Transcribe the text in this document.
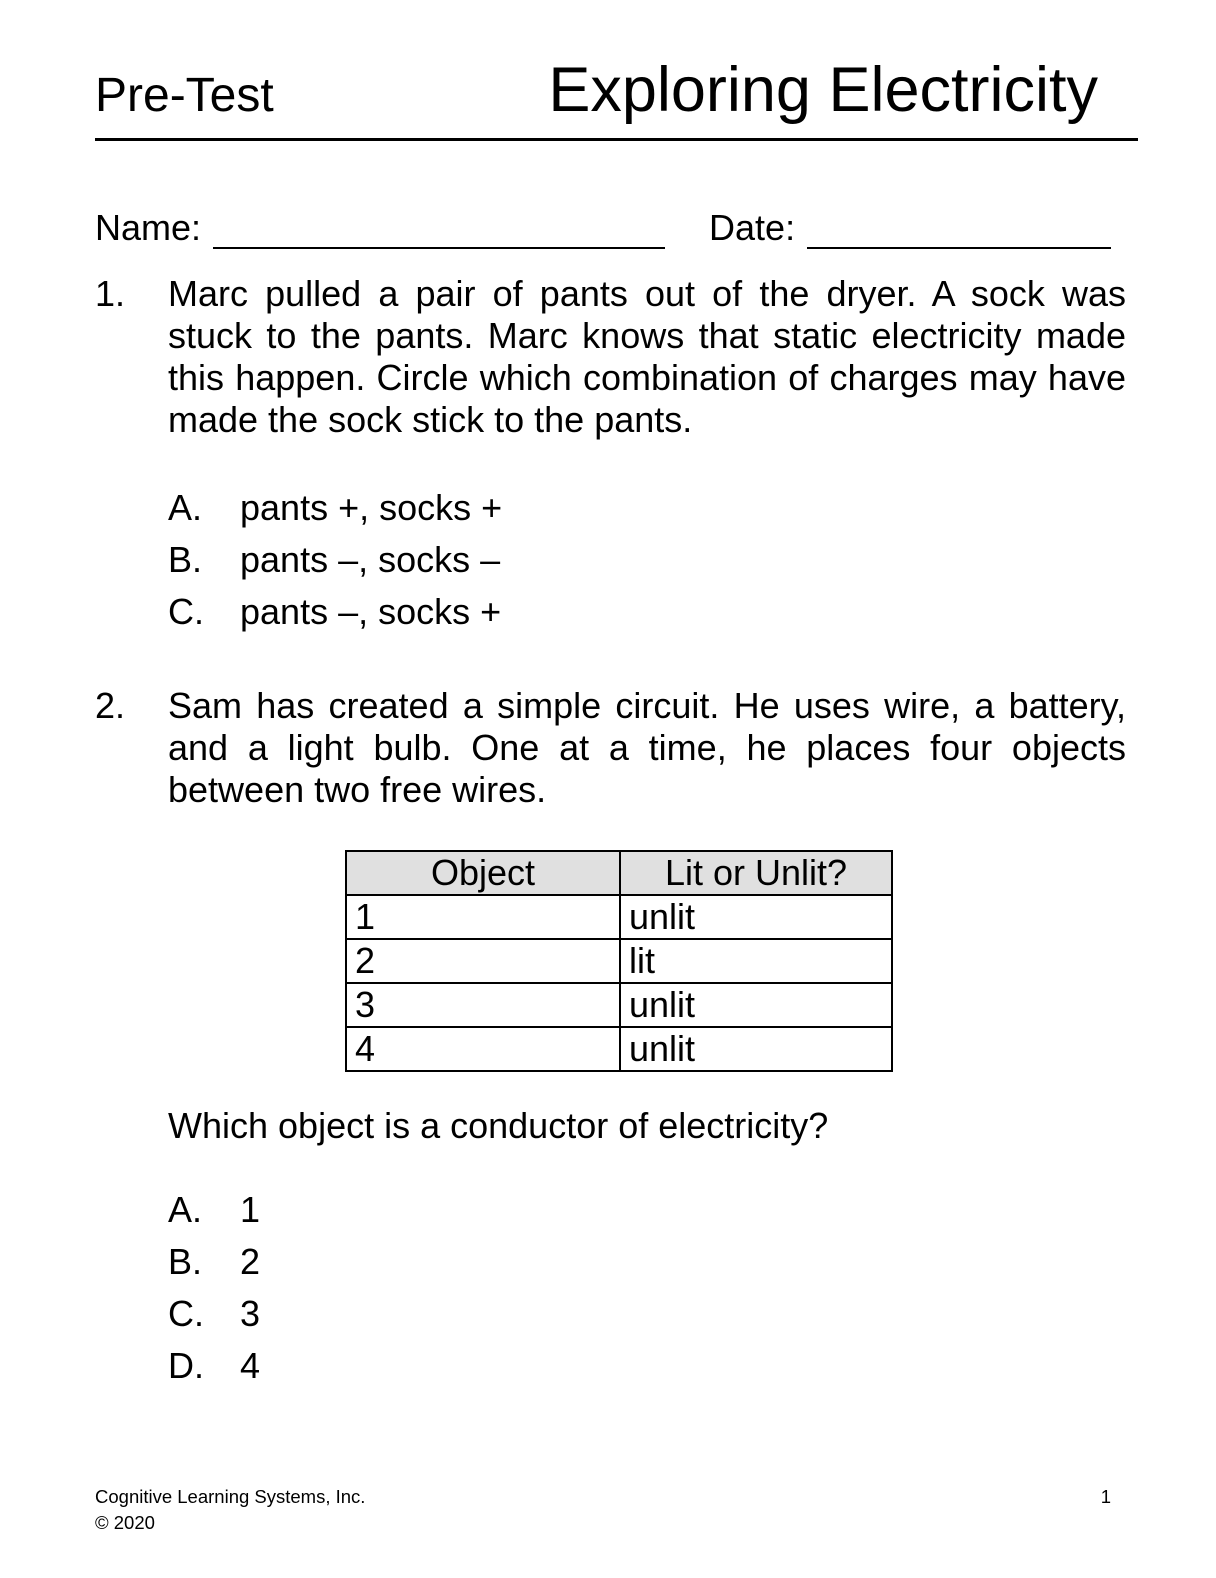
Pre-Test	Exploring Electricity
Name:	Date:
1.	Marc pulled a pair of pants out of the dryer. A sock was stuck to the pants. Marc knows that static electricity made this happen. Circle which combination of charges may have made the sock stick to the pants.
A.	pants +, socks +
B.	pants –, socks –
C.	pants –, socks +
2.	Sam has created a simple circuit. He uses wire, a battery, and a light bulb. One at a time, he places four objects between two free wires.
Object	Lit or Unlit?
1	unlit
2	lit
3	unlit
4	unlit
Which object is a conductor of electricity?
A.	1
B.	2
C.	3
D.	4
Cognitive Learning Systems, Inc.
© 2020
1
